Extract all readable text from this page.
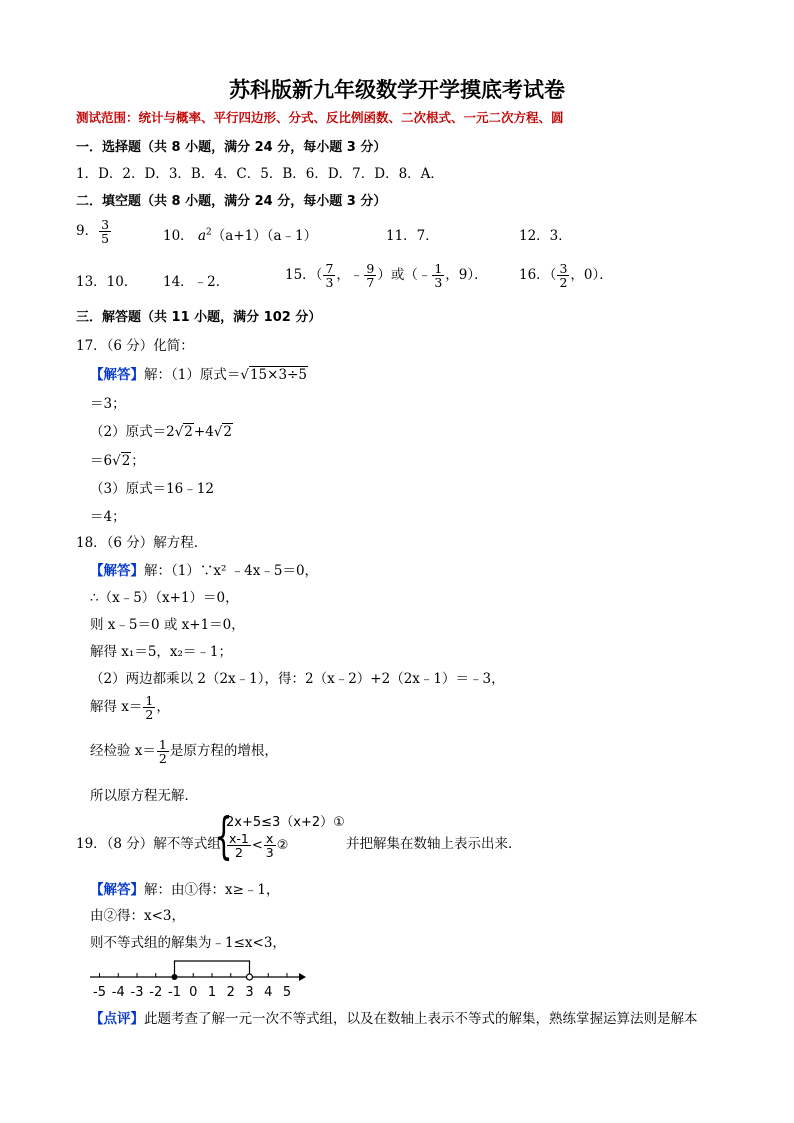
苏科版新九年级数学开学摸底考试卷
测试范围：统计与概率、平行四边形、分式、反比例函数、二次根式、一元二次方程、圆
一．选择题（共 8 小题，满分 24 分，每小题 3 分）
1．D．2．D．3．B．4．C．5．B．6．D．7．D．8．A．
二．填空题（共 8 小题，满分 24 分，每小题 3 分）
9． $\frac{3}{5}$	10． $a^2(a+1)(a﹣1)$	11．7．	12．3．
13．10． 14．﹣2．	15．（ $\frac{7}{3}$ ，﹣ $\frac{9}{7}$ ）或（﹣ $\frac{1}{3}$ ，9）． 16．（ $\frac{3}{2}$ ，0）．
三．解答题（共 11 小题，满分 102 分）
17．（6 分）化简：
【解答】解：（1）原式＝√15×3÷5
＝3；
（2）原式＝2√2+4√2
＝6√2；
（3）原式＝16﹣12
＝4；
18．（6 分）解方程．
【解答】解：（1）∵x² ﹣4x﹣5＝0，
∴（x﹣5）（x+1）＝0，
则 x﹣5＝0 或 x+1＝0，
解得 x₁＝5，x₂＝﹣1；
（2）两边都乘以 2（2x﹣1），得：2（x﹣2）+2（2x﹣1）＝﹣3，
解得 $x= \frac{1}{2}$ ，
经检验 $x= \frac{1}{2}$ 是原方程的增根，
所以原方程无解．
19．（8 分）解不等式组
{
2x+5≤3（x+2）①
$\frac{x-1}{2} < \frac{x}{3}$ ②	并把解集在数轴上表示出来．
【解答】解：由①得：x≥﹣1，
由②得：x<3，
则不等式组的解集为﹣1≤x<3，
-5 -4 -3 -2 -1 0 1 2 3 4 5
【点评】此题考查了解一元一次不等式组，以及在数轴上表示不等式的解集，熟练掌握运算法则是解本
